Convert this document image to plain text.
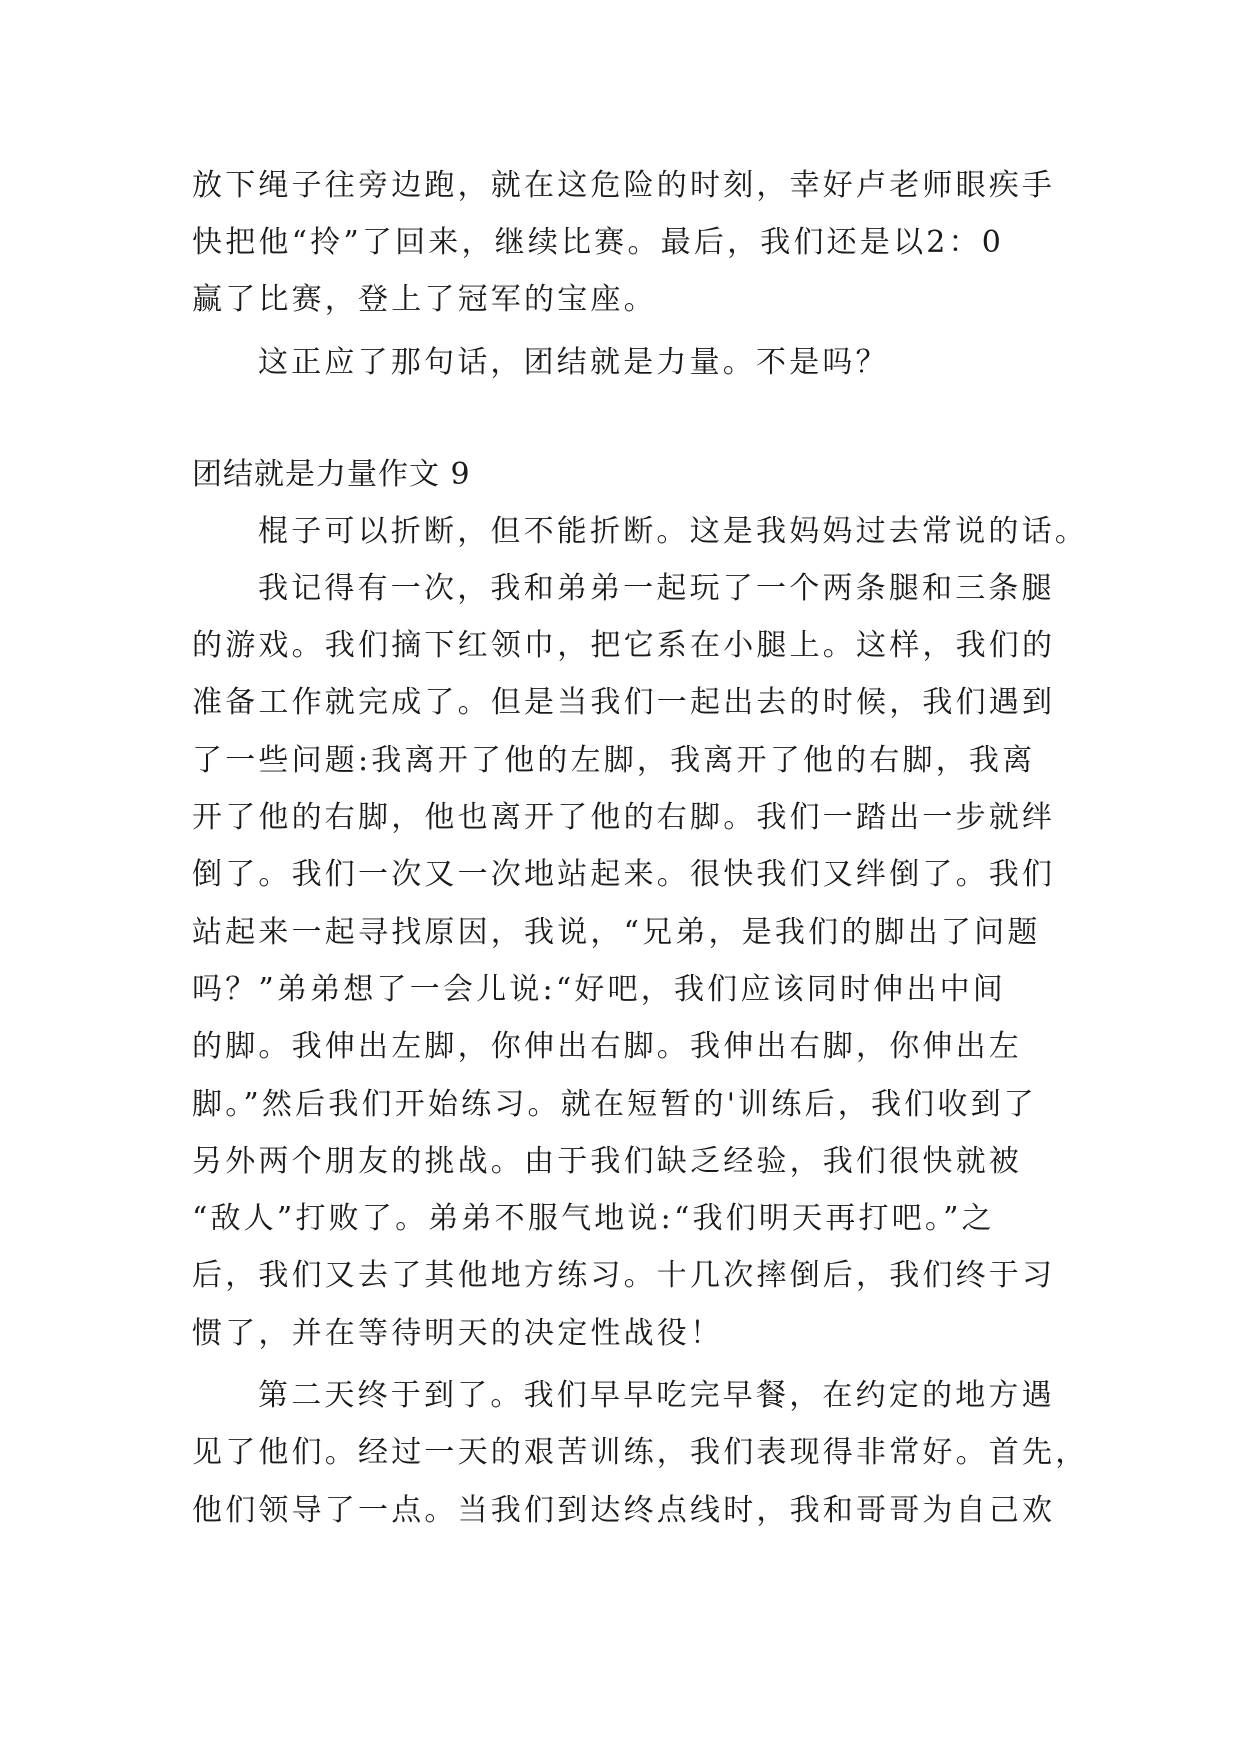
放下绳子往旁边跑，就在这危险的时刻，幸好卢老师眼疾手
快把他“拎”了回来，继续比赛。最后，我们还是以2：0
赢了比赛，登上了冠军的宝座。
这正应了那句话，团结就是力量。不是吗？
团结就是力量作文 9
棍子可以折断，但不能折断。这是我妈妈过去常说的话。
我记得有一次，我和弟弟一起玩了一个两条腿和三条腿
的游戏。我们摘下红领巾，把它系在小腿上。这样，我们的
准备工作就完成了。但是当我们一起出去的时候，我们遇到
了一些问题:我离开了他的左脚，我离开了他的右脚，我离
开了他的右脚，他也离开了他的右脚。我们一踏出一步就绊
倒了。我们一次又一次地站起来。很快我们又绊倒了。我们
站起来一起寻找原因，我说，“兄弟，是我们的脚出了问题
吗？”弟弟想了一会儿说:“好吧，我们应该同时伸出中间
的脚。我伸出左脚，你伸出右脚。我伸出右脚，你伸出左
脚。”然后我们开始练习。就在短暂的'训练后，我们收到了
另外两个朋友的挑战。由于我们缺乏经验，我们很快就被
“敌人”打败了。弟弟不服气地说:“我们明天再打吧。”之
后，我们又去了其他地方练习。十几次摔倒后，我们终于习
惯了，并在等待明天的决定性战役！
第二天终于到了。我们早早吃完早餐，在约定的地方遇
见了他们。经过一天的艰苦训练，我们表现得非常好。首先，
他们领导了一点。当我们到达终点线时，我和哥哥为自己欢
